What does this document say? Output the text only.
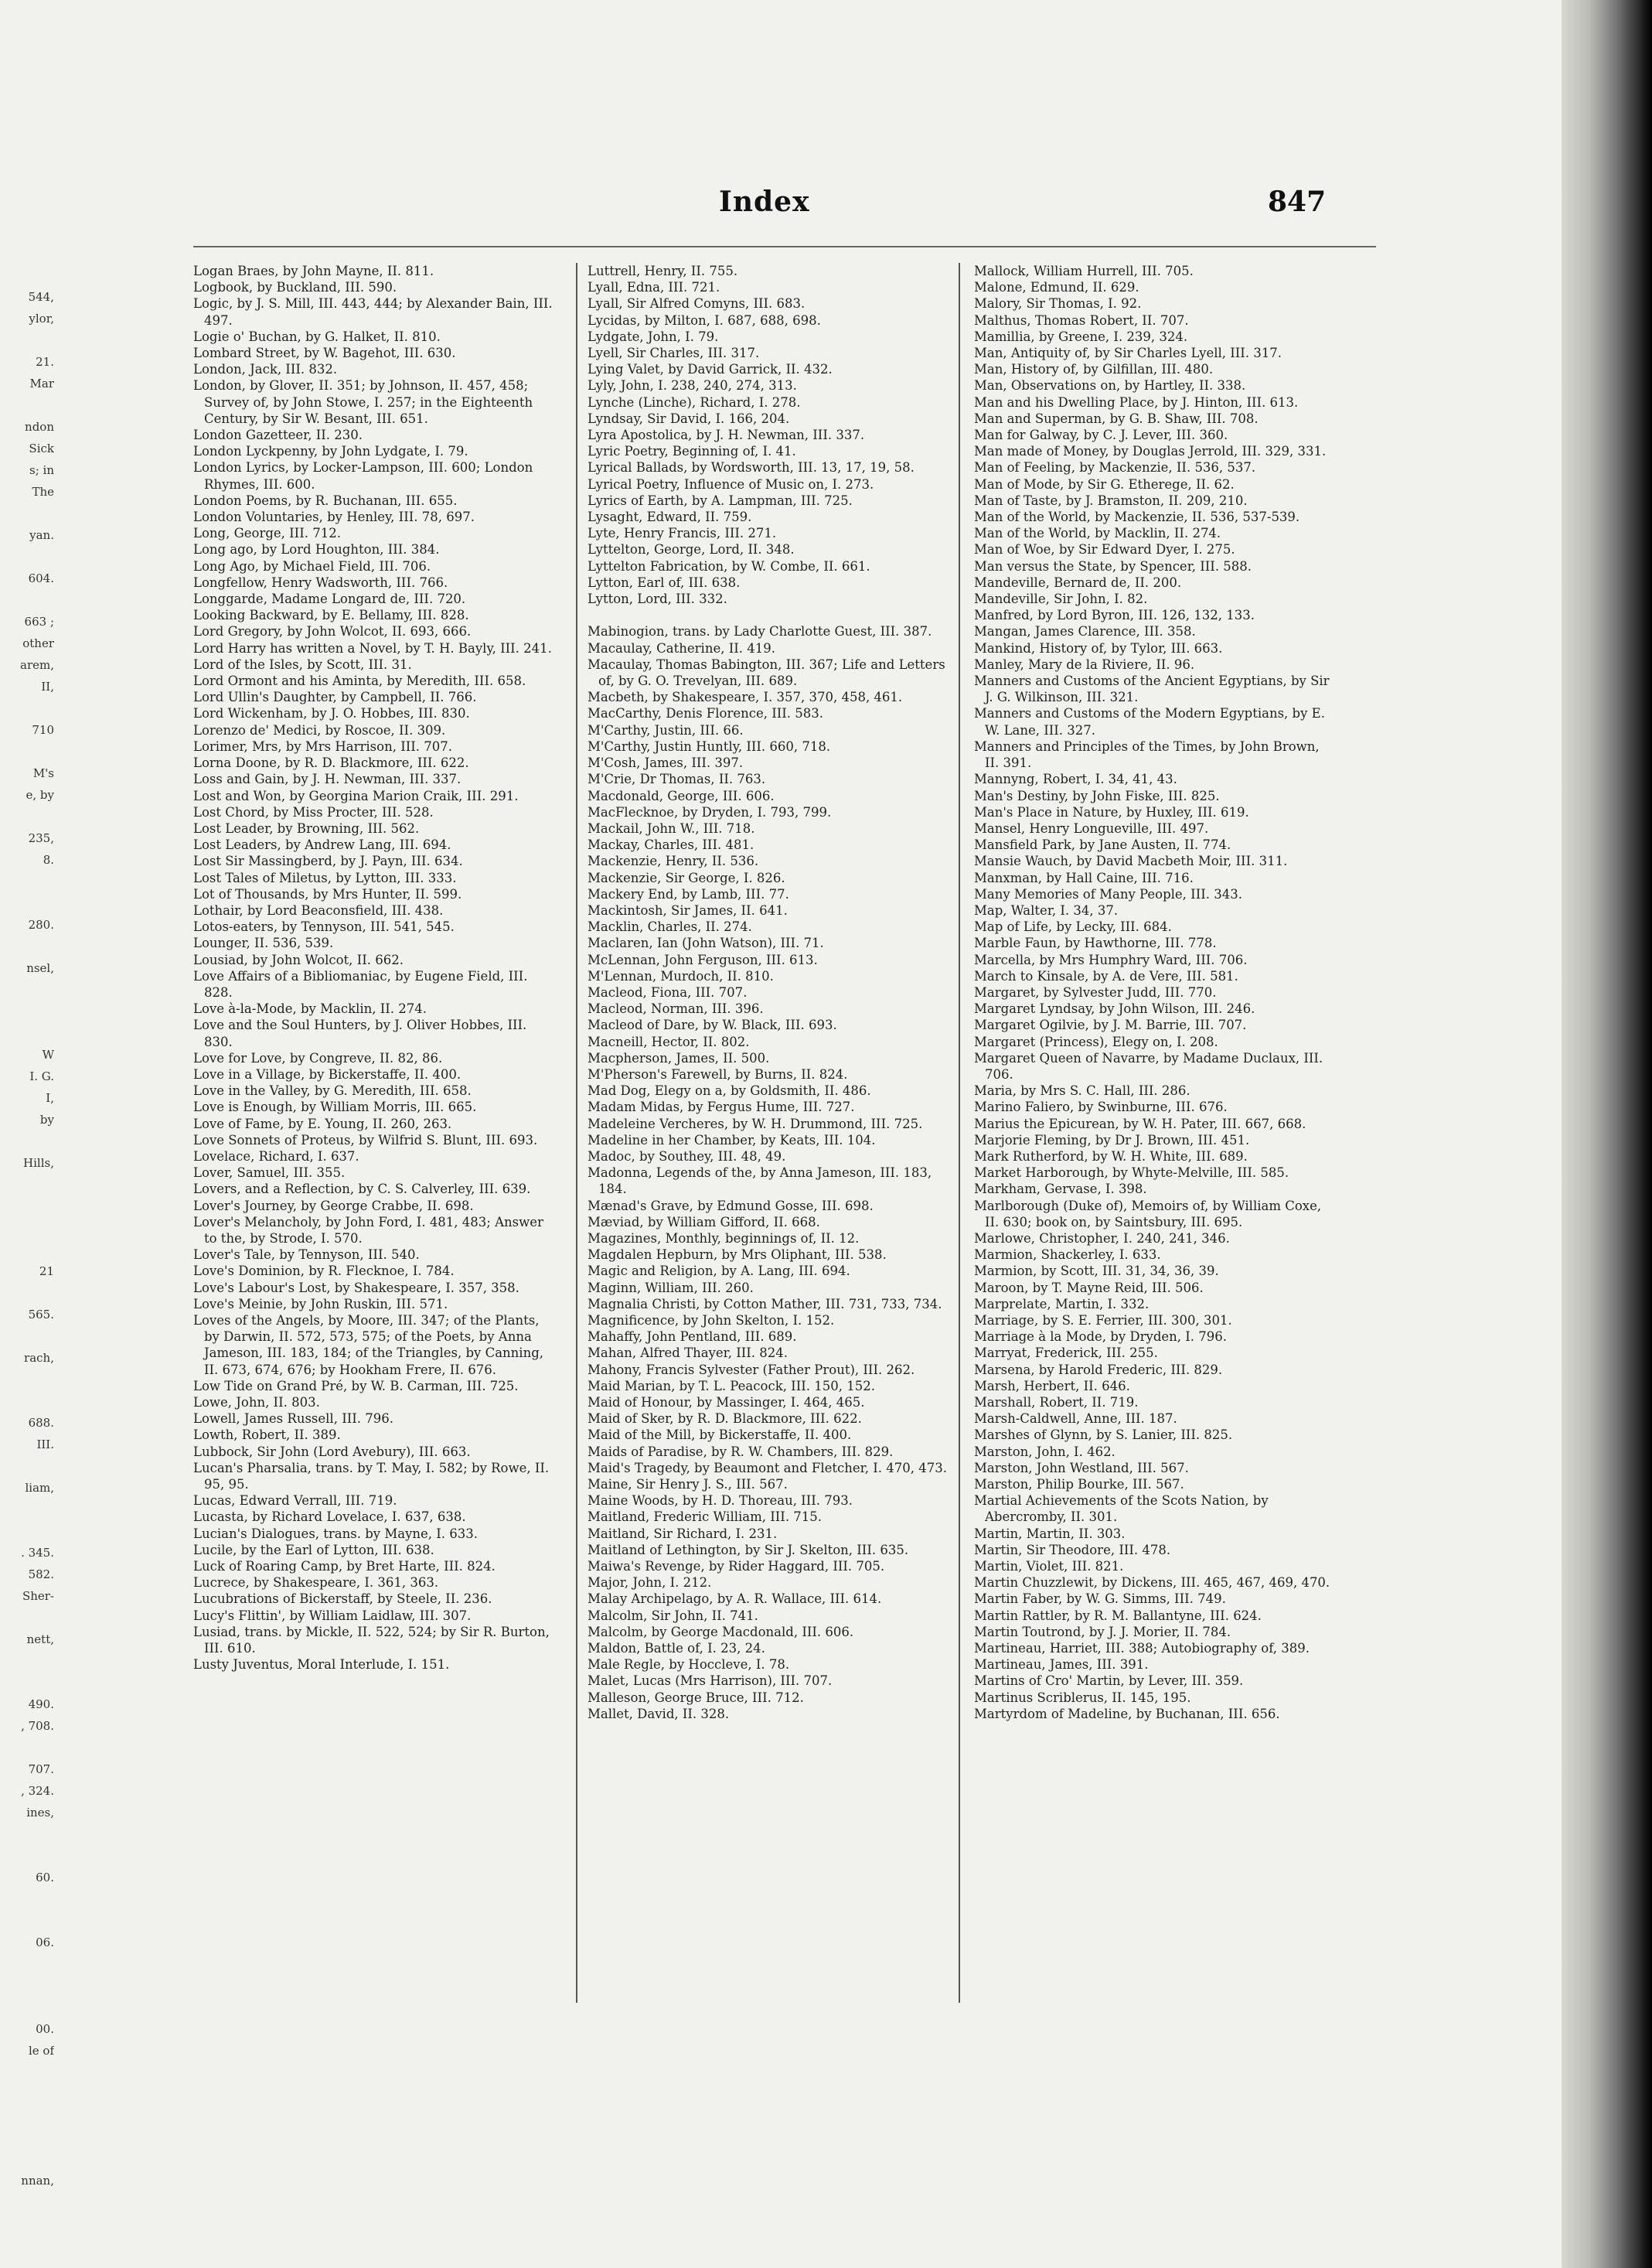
544,
ylor,
21.
Mar
ndon
Sick
s; in
The
yan.
604.
663 ;
other
arem,
II,
710
M's
e, by
235,
8.
280.
nsel,
W
I. G.
I,
by
Hills,
21
565.
rach,
688.
III.
liam,
. 345.
582.
Sher-
nett,
490.
, 708.
707.
, 324.
ines,
60.
06.
00.
le of
nnan,
Index	847

Logan Braes, by John Mayne, II. 811.

Logbook, by Buckland, III. 590.

Logic, by J. S. Mill, III. 443, 444; by Alexander Bain, III. 497.

Logie o' Buchan, by G. Halket, II. 810.

Lombard Street, by W. Bagehot, III. 630.

London, Jack, III. 832.

London, by Glover, II. 351; by Johnson, II. 457, 458; Survey of, by John Stowe, I. 257; in the Eighteenth Century, by Sir W. Besant, III. 651.

London Gazetteer, II. 230.

London Lyckpenny, by John Lydgate, I. 79.

London Lyrics, by Locker-Lampson, III. 600; London Rhymes, III. 600.

London Poems, by R. Buchanan, III. 655.

London Voluntaries, by Henley, III. 78, 697.

Long, George, III. 712.

Long ago, by Lord Houghton, III. 384.

Long Ago, by Michael Field, III. 706.

Longfellow, Henry Wadsworth, III. 766.

Longgarde, Madame Longard de, III. 720.

Looking Backward, by E. Bellamy, III. 828.

Lord Gregory, by John Wolcot, II. 693, 666.

Lord Harry has written a Novel, by T. H. Bayly, III. 241.

Lord of the Isles, by Scott, III. 31.

Lord Ormont and his Aminta, by Meredith, III. 658.

Lord Ullin's Daughter, by Campbell, II. 766.

Lord Wickenham, by J. O. Hobbes, III. 830.

Lorenzo de' Medici, by Roscoe, II. 309.

Lorimer, Mrs, by Mrs Harrison, III. 707.

Lorna Doone, by R. D. Blackmore, III. 622.

Loss and Gain, by J. H. Newman, III. 337.

Lost and Won, by Georgina Marion Craik, III. 291.

Lost Chord, by Miss Procter, III. 528.

Lost Leader, by Browning, III. 562.

Lost Leaders, by Andrew Lang, III. 694.

Lost Sir Massingberd, by J. Payn, III. 634.

Lost Tales of Miletus, by Lytton, III. 333.

Lot of Thousands, by Mrs Hunter, II. 599.

Lothair, by Lord Beaconsfield, III. 438.

Lotos-eaters, by Tennyson, III. 541, 545.

Lounger, II. 536, 539.

Lousiad, by John Wolcot, II. 662.

Love Affairs of a Bibliomaniac, by Eugene Field, III. 828.

Love à-la-Mode, by Macklin, II. 274.

Love and the Soul Hunters, by J. Oliver Hobbes, III. 830.

Love for Love, by Congreve, II. 82, 86.

Love in a Village, by Bickerstaffe, II. 400.

Love in the Valley, by G. Meredith, III. 658.

Love is Enough, by William Morris, III. 665.

Love of Fame, by E. Young, II. 260, 263.

Love Sonnets of Proteus, by Wilfrid S. Blunt, III. 693.

Lovelace, Richard, I. 637.

Lover, Samuel, III. 355.

Lovers, and a Reflection, by C. S. Calverley, III. 639.

Lover's Journey, by George Crabbe, II. 698.

Lover's Melancholy, by John Ford, I. 481, 483; Answer to the, by Strode, I. 570.

Lover's Tale, by Tennyson, III. 540.

Love's Dominion, by R. Flecknoe, I. 784.

Love's Labour's Lost, by Shakespeare, I. 357, 358.

Love's Meinie, by John Ruskin, III. 571.

Loves of the Angels, by Moore, III. 347; of the Plants, by Darwin, II. 572, 573, 575; of the Poets, by Anna Jameson, III. 183, 184; of the Triangles, by Canning, II. 673, 674, 676; by Hookham Frere, II. 676.

Low Tide on Grand Pré, by W. B. Carman, III. 725.

Lowe, John, II. 803.

Lowell, James Russell, III. 796.

Lowth, Robert, II. 389.

Lubbock, Sir John (Lord Avebury), III. 663.

Lucan's Pharsalia, trans. by T. May, I. 582; by Rowe, II. 95, 95.

Lucas, Edward Verrall, III. 719.

Lucasta, by Richard Lovelace, I. 637, 638.

Lucian's Dialogues, trans. by Mayne, I. 633.

Lucile, by the Earl of Lytton, III. 638.

Luck of Roaring Camp, by Bret Harte, III. 824.

Lucrece, by Shakespeare, I. 361, 363.

Lucubrations of Bickerstaff, by Steele, II. 236.

Lucy's Flittin', by William Laidlaw, III. 307.

Lusiad, trans. by Mickle, II. 522, 524; by Sir R. Burton, III. 610.

Lusty Juventus, Moral Interlude, I. 151.

Luttrell, Henry, II. 755.

Lyall, Edna, III. 721.

Lyall, Sir Alfred Comyns, III. 683.

Lycidas, by Milton, I. 687, 688, 698.

Lydgate, John, I. 79.

Lyell, Sir Charles, III. 317.

Lying Valet, by David Garrick, II. 432.

Lyly, John, I. 238, 240, 274, 313.

Lynche (Linche), Richard, I. 278.

Lyndsay, Sir David, I. 166, 204.

Lyra Apostolica, by J. H. Newman, III. 337.

Lyric Poetry, Beginning of, I. 41.

Lyrical Ballads, by Wordsworth, III. 13, 17, 19, 58.

Lyrical Poetry, Influence of Music on, I. 273.

Lyrics of Earth, by A. Lampman, III. 725.

Lysaght, Edward, II. 759.

Lyte, Henry Francis, III. 271.

Lyttelton, George, Lord, II. 348.

Lyttelton Fabrication, by W. Combe, II. 661.

Lytton, Earl of, III. 638.

Lytton, Lord, III. 332.

Mabinogion, trans. by Lady Charlotte Guest, III. 387.

Macaulay, Catherine, II. 419.

Macaulay, Thomas Babington, III. 367; Life and Letters of, by G. O. Trevelyan, III. 689.

Macbeth, by Shakespeare, I. 357, 370, 458, 461.

MacCarthy, Denis Florence, III. 583.

M'Carthy, Justin, III. 66.

M'Carthy, Justin Huntly, III. 660, 718.

M'Cosh, James, III. 397.

M'Crie, Dr Thomas, II. 763.

Macdonald, George, III. 606.

MacFlecknoe, by Dryden, I. 793, 799.

Mackail, John W., III. 718.

Mackay, Charles, III. 481.

Mackenzie, Henry, II. 536.

Mackenzie, Sir George, I. 826.

Mackery End, by Lamb, III. 77.

Mackintosh, Sir James, II. 641.

Macklin, Charles, II. 274.

Maclaren, Ian (John Watson), III. 71.

McLennan, John Ferguson, III. 613.

M'Lennan, Murdoch, II. 810.

Macleod, Fiona, III. 707.

Macleod, Norman, III. 396.

Macleod of Dare, by W. Black, III. 693.

Macneill, Hector, II. 802.

Macpherson, James, II. 500.

M'Pherson's Farewell, by Burns, II. 824.

Mad Dog, Elegy on a, by Goldsmith, II. 486.

Madam Midas, by Fergus Hume, III. 727.

Madeleine Vercheres, by W. H. Drummond, III. 725.

Madeline in her Chamber, by Keats, III. 104.

Madoc, by Southey, III. 48, 49.

Madonna, Legends of the, by Anna Jameson, III. 183, 184.

Mænad's Grave, by Edmund Gosse, III. 698.

Mæviad, by William Gifford, II. 668.

Magazines, Monthly, beginnings of, II. 12.

Magdalen Hepburn, by Mrs Oliphant, III. 538.

Magic and Religion, by A. Lang, III. 694.

Maginn, William, III. 260.

Magnalia Christi, by Cotton Mather, III. 731, 733, 734.

Magnificence, by John Skelton, I. 152.

Mahaffy, John Pentland, III. 689.

Mahan, Alfred Thayer, III. 824.

Mahony, Francis Sylvester (Father Prout), III. 262.

Maid Marian, by T. L. Peacock, III. 150, 152.

Maid of Honour, by Massinger, I. 464, 465.

Maid of Sker, by R. D. Blackmore, III. 622.

Maid of the Mill, by Bickerstaffe, II. 400.

Maids of Paradise, by R. W. Chambers, III. 829.

Maid's Tragedy, by Beaumont and Fletcher, I. 470, 473.

Maine, Sir Henry J. S., III. 567.

Maine Woods, by H. D. Thoreau, III. 793.

Maitland, Frederic William, III. 715.

Maitland, Sir Richard, I. 231.

Maitland of Lethington, by Sir J. Skelton, III. 635.

Maiwa's Revenge, by Rider Haggard, III. 705.

Major, John, I. 212.

Malay Archipelago, by A. R. Wallace, III. 614.

Malcolm, Sir John, II. 741.

Malcolm, by George Macdonald, III. 606.

Maldon, Battle of, I. 23, 24.

Male Regle, by Hoccleve, I. 78.

Malet, Lucas (Mrs Harrison), III. 707.

Malleson, George Bruce, III. 712.

Mallet, David, II. 328.

Mallock, William Hurrell, III. 705.

Malone, Edmund, II. 629.

Malory, Sir Thomas, I. 92.

Malthus, Thomas Robert, II. 707.

Mamillia, by Greene, I. 239, 324.

Man, Antiquity of, by Sir Charles Lyell, III. 317.

Man, History of, by Gilfillan, III. 480.

Man, Observations on, by Hartley, II. 338.

Man and his Dwelling Place, by J. Hinton, III. 613.

Man and Superman, by G. B. Shaw, III. 708.

Man for Galway, by C. J. Lever, III. 360.

Man made of Money, by Douglas Jerrold, III. 329, 331.

Man of Feeling, by Mackenzie, II. 536, 537.

Man of Mode, by Sir G. Etherege, II. 62.

Man of Taste, by J. Bramston, II. 209, 210.

Man of the World, by Mackenzie, II. 536, 537-539.

Man of the World, by Macklin, II. 274.

Man of Woe, by Sir Edward Dyer, I. 275.

Man versus the State, by Spencer, III. 588.

Mandeville, Bernard de, II. 200.

Mandeville, Sir John, I. 82.

Manfred, by Lord Byron, III. 126, 132, 133.

Mangan, James Clarence, III. 358.

Mankind, History of, by Tylor, III. 663.

Manley, Mary de la Riviere, II. 96.

Manners and Customs of the Ancient Egyptians, by Sir J. G. Wilkinson, III. 321.

Manners and Customs of the Modern Egyptians, by E. W. Lane, III. 327.

Manners and Principles of the Times, by John Brown, II. 391.

Mannyng, Robert, I. 34, 41, 43.

Man's Destiny, by John Fiske, III. 825.

Man's Place in Nature, by Huxley, III. 619.

Mansel, Henry Longueville, III. 497.

Mansfield Park, by Jane Austen, II. 774.

Mansie Wauch, by David Macbeth Moir, III. 311.

Manxman, by Hall Caine, III. 716.

Many Memories of Many People, III. 343.

Map, Walter, I. 34, 37.

Map of Life, by Lecky, III. 684.

Marble Faun, by Hawthorne, III. 778.

Marcella, by Mrs Humphry Ward, III. 706.

March to Kinsale, by A. de Vere, III. 581.

Margaret, by Sylvester Judd, III. 770.

Margaret Lyndsay, by John Wilson, III. 246.

Margaret Ogilvie, by J. M. Barrie, III. 707.

Margaret (Princess), Elegy on, I. 208.

Margaret Queen of Navarre, by Madame Duclaux, III. 706.

Maria, by Mrs S. C. Hall, III. 286.

Marino Faliero, by Swinburne, III. 676.

Marius the Epicurean, by W. H. Pater, III. 667, 668.

Marjorie Fleming, by Dr J. Brown, III. 451.

Mark Rutherford, by W. H. White, III. 689.

Market Harborough, by Whyte-Melville, III. 585.

Markham, Gervase, I. 398.

Marlborough (Duke of), Memoirs of, by William Coxe, II. 630; book on, by Saintsbury, III. 695.

Marlowe, Christopher, I. 240, 241, 346.

Marmion, Shackerley, I. 633.

Marmion, by Scott, III. 31, 34, 36, 39.

Maroon, by T. Mayne Reid, III. 506.

Marprelate, Martin, I. 332.

Marriage, by S. E. Ferrier, III. 300, 301.

Marriage à la Mode, by Dryden, I. 796.

Marryat, Frederick, III. 255.

Marsena, by Harold Frederic, III. 829.

Marsh, Herbert, II. 646.

Marshall, Robert, II. 719.

Marsh-Caldwell, Anne, III. 187.

Marshes of Glynn, by S. Lanier, III. 825.

Marston, John, I. 462.

Marston, John Westland, III. 567.

Marston, Philip Bourke, III. 567.

Martial Achievements of the Scots Nation, by Abercromby, II. 301.

Martin, Martin, II. 303.

Martin, Sir Theodore, III. 478.

Martin, Violet, III. 821.

Martin Chuzzlewit, by Dickens, III. 465, 467, 469, 470.

Martin Faber, by W. G. Simms, III. 749.

Martin Rattler, by R. M. Ballantyne, III. 624.

Martin Toutrond, by J. J. Morier, II. 784.

Martineau, Harriet, III. 388; Autobiography of, 389.

Martineau, James, III. 391.

Martins of Cro' Martin, by Lever, III. 359.

Martinus Scriblerus, II. 145, 195.

Martyrdom of Madeline, by Buchanan, III. 656.
